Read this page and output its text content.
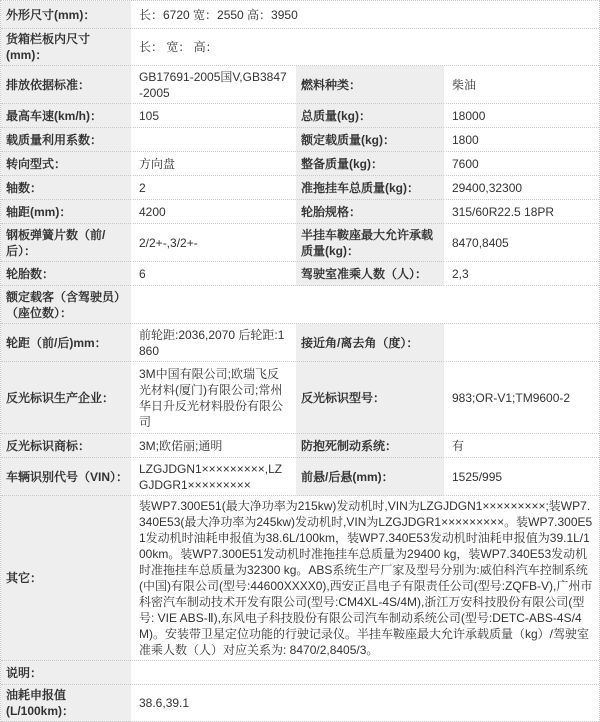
外形尺寸(mm)：	长：6720 宽：2550 高：3950		
货箱栏板内尺寸(mm)：	长： 宽： 高：		
排放依据标准：	GB17691-2005国V,GB3847-2005	燃料种类：	柴油
最高车速(km/h)：	105	总质量(kg)：	18000
载质量利用系数：		额定载质量(kg)：	1800
转向型式：	方向盘	整备质量(kg)：	7600
轴数：	2	准拖挂车总质量(kg)：	29400,32300
轴距(mm)：	4200	轮胎规格：	315/60R22.5 18PR
钢板弹簧片数（前/后）：	2/2+-,3/2+-	半挂车鞍座最大允许承载质量(kg)：	8470,8405
轮胎数：	6	驾驶室准乘人数（人）：	2,3
额定载客（含驾驶员）（座位数）：			
轮距（前/后)mm：	前轮距:2036,2070 后轮距:1860	接近角/离去角（度）：	
反光标识生产企业：	3M中国有限公司;欧瑞飞反光材料(厦门)有限公司;常州华日升反光材料股份有限公司	反光标识型号：	983;OR-V1;TM9600-2
反光标识商标：	3M;欧偌丽;通明	防抱死制动系统：	有
车辆识别代号（VIN）：	LZGJDGN1×××××××××,LZGJDGR1×××××××××	前悬/后悬(mm)：	1525/995
其它：	装WP7.300E51(最大净功率为215kw)发动机时,VIN为LZGJDGN1×××××××××;装WP7.340E53(最大净功率为245kw)发动机时,VIN为LZGJDGR1×××××××××。装WP7.300E51发动机时油耗申报值为38.6L/100km，装WP7.340E53发动机时油耗申报值为39.1L/100km。装WP7.300E51发动机时准拖挂车总质量为29400 kg，装WP7.340E53发动机时准拖挂车总质量为32300 kg。ABS系统生产厂家及型号分别为:威伯科汽车控制系统(中国)有限公司(型号:44600XXXX0),西安正昌电子有限责任公司(型号:ZQFB-V),广州市科密汽车制动技术开发有限公司(型号:CM4XL-4S/4M),浙江万安科技股份有限公司(型号: VIE ABS-Ⅱ),东风电子科技股份有限公司汽车制动系统公司(型号:DETC-ABS-4S/4M)。安装带卫星定位功能的行驶记录仪。半挂车鞍座最大允许承载质量（kg）/驾驶室准乘人数（人）对应关系为: 8470/2,8405/3。		
说明：			
油耗申报值(L/100km)：	38.6,39.1		
